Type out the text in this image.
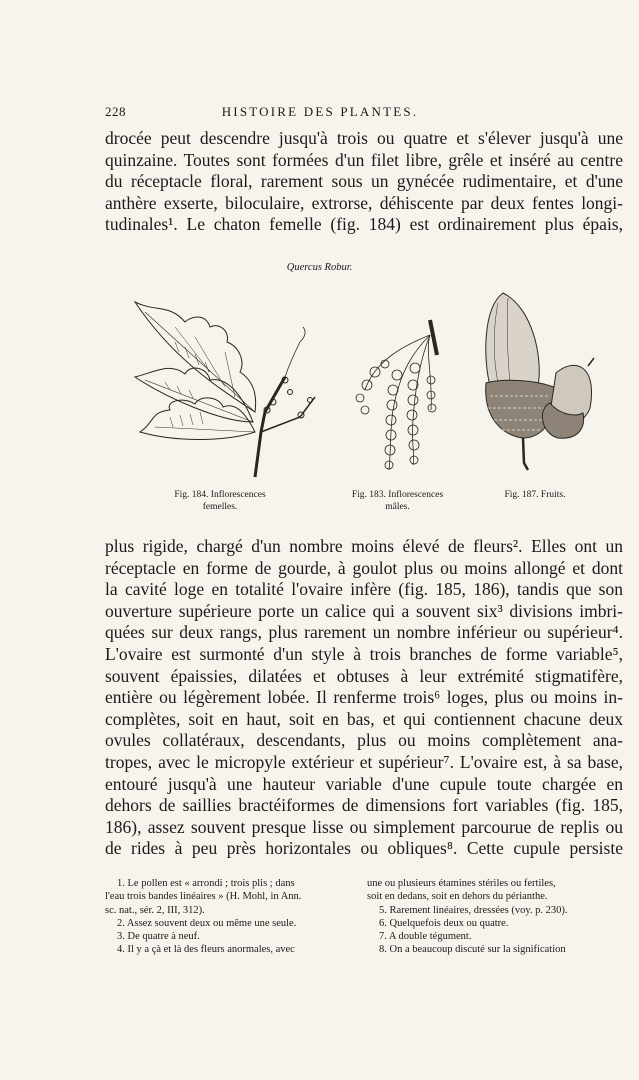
228	HISTOIRE DES PLANTES.
drocée peut descendre jusqu'à trois ou quatre et s'élever jusqu'à une
quinzaine. Toutes sont formées d'un filet libre, grêle et inséré au centre
du réceptacle floral, rarement sous un gynécée rudimentaire, et d'une
anthère exserte, biloculaire, extrorse, déhiscente par deux fentes longi-
tudinales¹. Le chaton femelle (fig. 184) est ordinairement plus épais,
Quercus Robur.
Fig. 184. Inflorescences
femelles.
Fig. 183. Inflorescences
mâles.
Fig. 187. Fruits.
plus rigide, chargé d'un nombre moins élevé de fleurs². Elles ont un
réceptacle en forme de gourde, à goulot plus ou moins allongé et dont
la cavité loge en totalité l'ovaire infère (fig. 185, 186), tandis que son
ouverture supérieure porte un calice qui a souvent six³ divisions imbri-
quées sur deux rangs, plus rarement un nombre inférieur ou supérieur⁴.
L'ovaire est surmonté d'un style à trois branches de forme variable⁵,
souvent épaissies, dilatées et obtuses à leur extrémité stigmatifère,
entière ou légèrement lobée. Il renferme trois⁶ loges, plus ou moins in-
complètes, soit en haut, soit en bas, et qui contiennent chacune deux
ovules collatéraux, descendants, plus ou moins complètement ana-
tropes, avec le micropyle extérieur et supérieur⁷. L'ovaire est, à sa base,
entouré jusqu'à une hauteur variable d'une cupule toute chargée en
dehors de saillies bractéiformes de dimensions fort variables (fig. 185,
186), assez souvent presque lisse ou simplement parcourue de replis ou
de rides à peu près horizontales ou obliques⁸. Cette cupule persiste
1. Le pollen est « arrondi ; trois plis ; dans
l'eau trois bandes linéaires » (H. Mohl, in Ann.
sc. nat., sér. 2, III, 312).
2. Assez souvent deux ou même une seule.
3. De quatre à neuf.
4. Il y a çà et là des fleurs anormales, avec
une ou plusieurs étamines stériles ou fertiles,
soit en dedans, soit en dehors du périanthe.
5. Rarement linéaires, dressées (voy. p. 230).
6. Quelquefois deux ou quatre.
7. A double tégument.
8. On a beaucoup discuté sur la signification
